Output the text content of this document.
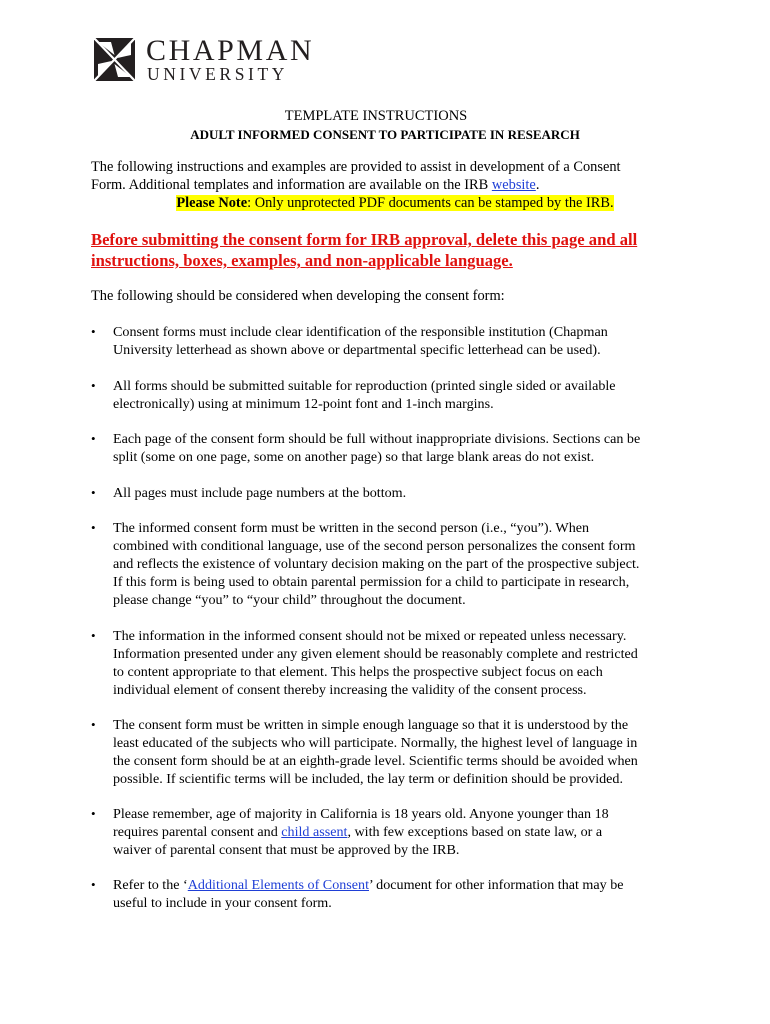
CHAPMAN
UNIVERSITY
TEMPLATE INSTRUCTIONS
ADULT INFORMED CONSENT TO PARTICIPATE IN RESEARCH
The following instructions and examples are provided to assist in development of a Consent
Form. Additional templates and information are available on the IRB website.
Please Note: Only unprotected PDF documents can be stamped by the IRB.
Before submitting the consent form for IRB approval, delete this page and all
instructions, boxes, examples, and non-applicable language.
The following should be considered when developing the consent form:
• Consent forms must include clear identification of the responsible institution (Chapman
University letterhead as shown above or departmental specific letterhead can be used).
• All forms should be submitted suitable for reproduction (printed single sided or available
electronically) using at minimum 12-point font and 1-inch margins.
• Each page of the consent form should be full without inappropriate divisions. Sections can be
split (some on one page, some on another page) so that large blank areas do not exist.
• All pages must include page numbers at the bottom.
• The informed consent form must be written in the second person (i.e., “you”). When
combined with conditional language, use of the second person personalizes the consent form
and reflects the existence of voluntary decision making on the part of the prospective subject.
If this form is being used to obtain parental permission for a child to participate in research,
please change “you” to “your child” throughout the document.
• The information in the informed consent should not be mixed or repeated unless necessary.
Information presented under any given element should be reasonably complete and restricted
to content appropriate to that element. This helps the prospective subject focus on each
individual element of consent thereby increasing the validity of the consent process.
• The consent form must be written in simple enough language so that it is understood by the
least educated of the subjects who will participate. Normally, the highest level of language in
the consent form should be at an eighth-grade level. Scientific terms should be avoided when
possible. If scientific terms will be included, the lay term or definition should be provided.
• Please remember, age of majority in California is 18 years old. Anyone younger than 18
requires parental consent and child assent, with few exceptions based on state law, or a
waiver of parental consent that must be approved by the IRB.
• Refer to the ‘Additional Elements of Consent’ document for other information that may be
useful to include in your consent form.
